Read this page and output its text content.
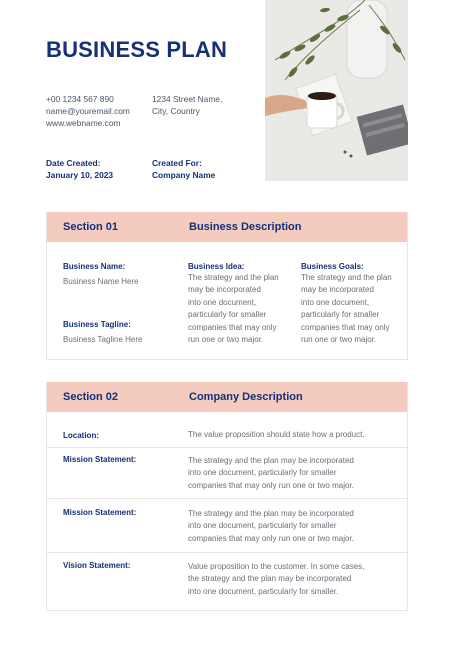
BUSINESS PLAN
+00 1234 567 890
name@youremail.com
www.webname.com
1234 Street Name,
City, Country
Date Created:
January 10, 2023
Created For:
Company Name
Section 01	Business Description
Business Name:
Business Name Here
Business Tagline:
Business Tagline Here
Business Idea:
The strategy and the plan
may be incorporated
into one document,
particularly for smaller
companies that may only
run one or two major.
Business Goals:
The strategy and the plan
may be incorporated
into one document,
particularly for smaller
companies that may only
run one or two major.
Section 02	Company Description
Location:	The value proposition should state how a product.
Mission Statement:	The strategy and the plan may be incorporated
into one document, particularly for smaller
companies that may only run one or two major.
Mission Statement:	The strategy and the plan may be incorporated
into one document, particularly for smaller
companies that may only run one or two major.
Vision Statement:	Value proposition to the customer. In some cases,
the strategy and the plan may be incorporated
into one document, particularly for smaller.
